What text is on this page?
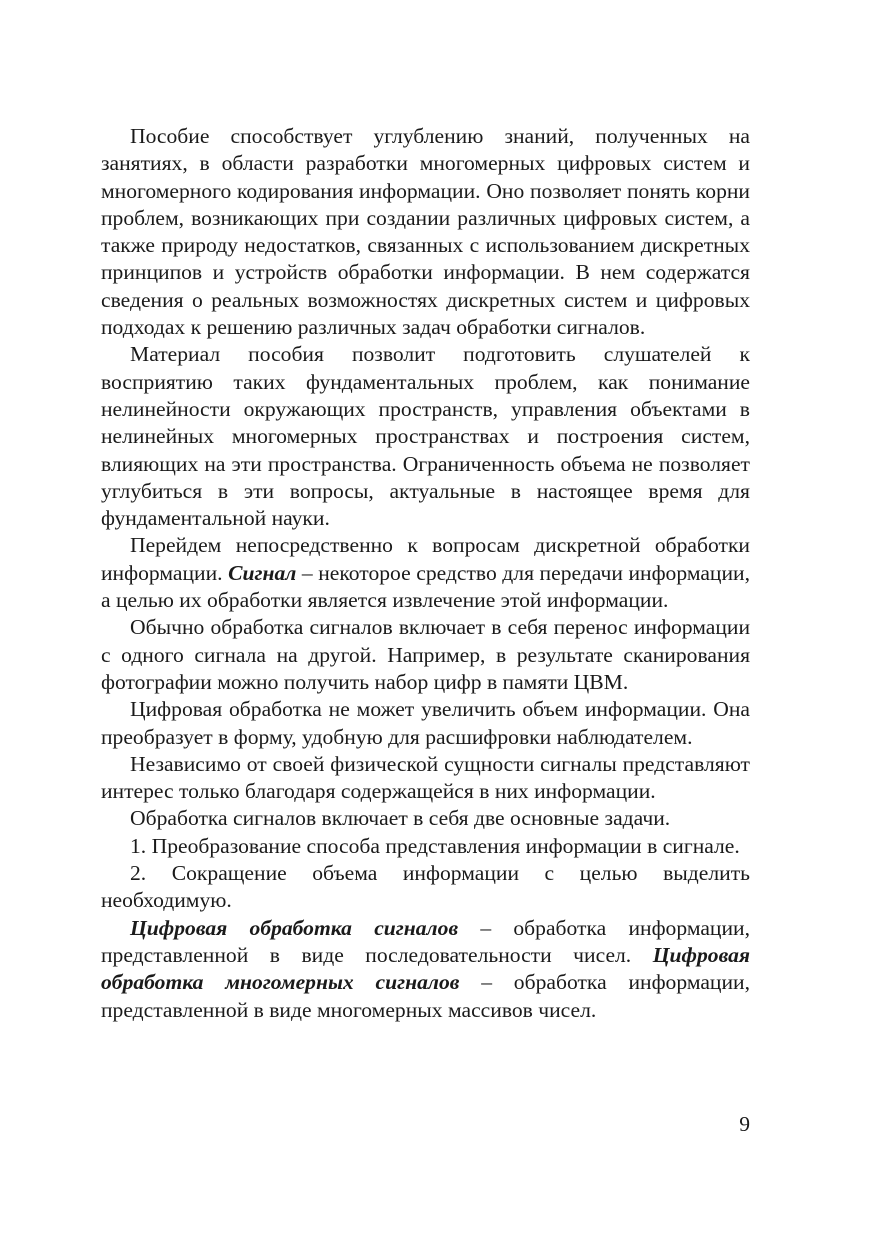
Пособие способствует углублению знаний, полученных на занятиях, в области разработки многомерных цифровых систем и многомерного кодирования информации. Оно позволяет понять корни проблем, возникающих при создании различных цифровых систем, а также природу недостатков, связанных с использованием дискретных принципов и устройств обработки информации. В нем содержатся сведения о реальных возможностях дискретных систем и цифровых подходах к решению различных задач обработки сигналов.

Материал пособия позволит подготовить слушателей к восприятию таких фундаментальных проблем, как понимание нелинейности окружающих пространств, управления объектами в нелинейных многомерных пространствах и построения систем, влияющих на эти пространства. Ограниченность объема не позволяет углубиться в эти вопросы, актуальные в настоящее время для фундаментальной науки.

Перейдем непосредственно к вопросам дискретной обработки информации. Сигнал – некоторое средство для передачи информации, а целью их обработки является извлечение этой информации.

Обычно обработка сигналов включает в себя перенос информации с одного сигнала на другой. Например, в результате сканирования фотографии можно получить набор цифр в памяти ЦВМ.

Цифровая обработка не может увеличить объем информации. Она преобразует в форму, удобную для расшифровки наблюдателем.

Независимо от своей физической сущности сигналы представляют интерес только благодаря содержащейся в них информации.

Обработка сигналов включает в себя две основные задачи.

1. Преобразование способа представления информации в сигнале.

2. Сокращение объема информации с целью выделить необходимую.

Цифровая обработка сигналов – обработка информации, представленной в виде последовательности чисел. Цифровая обработка многомерных сигналов – обработка информации, представленной в виде многомерных массивов чисел.

9
